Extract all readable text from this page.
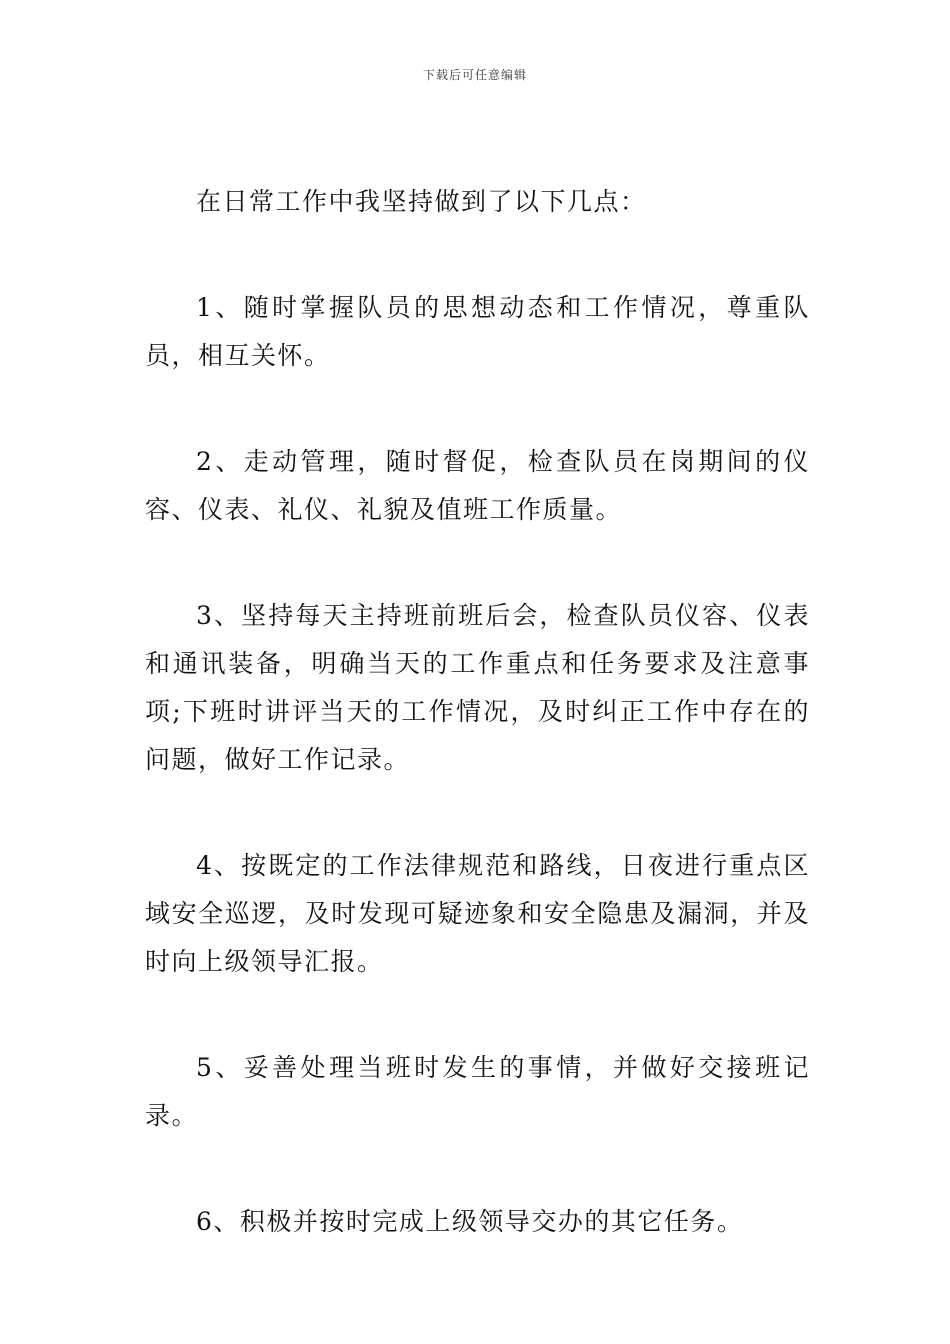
下载后可任意编辑

在日常工作中我坚持做到了以下几点：

1、随时掌握队员的思想动态和工作情况，尊重队员，相互关怀。

2、走动管理，随时督促，检查队员在岗期间的仪容、仪表、礼仪、礼貌及值班工作质量。

3、坚持每天主持班前班后会，检查队员仪容、仪表和通讯装备，明确当天的工作重点和任务要求及注意事项;下班时讲评当天的工作情况，及时纠正工作中存在的问题，做好工作记录。

4、按既定的工作法律规范和路线，日夜进行重点区域安全巡逻，及时发现可疑迹象和安全隐患及漏洞，并及时向上级领导汇报。

5、妥善处理当班时发生的事情，并做好交接班记录。

6、积极并按时完成上级领导交办的其它任务。
